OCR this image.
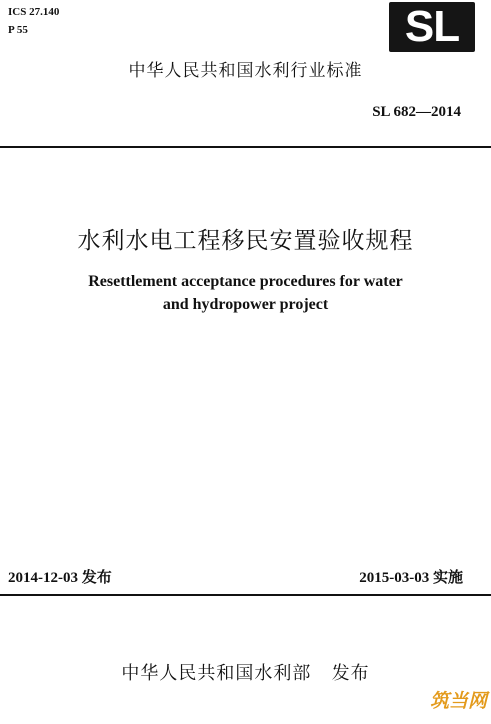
ICS 27.140
P 55	SL
中华人民共和国水利行业标准
SL 682—2014
水利水电工程移民安置验收规程
Resettlement acceptance procedures for water
and hydropower project
2014-12-03 发布	2015-03-03 实施
中华人民共和国水利部   发布
筑当网
